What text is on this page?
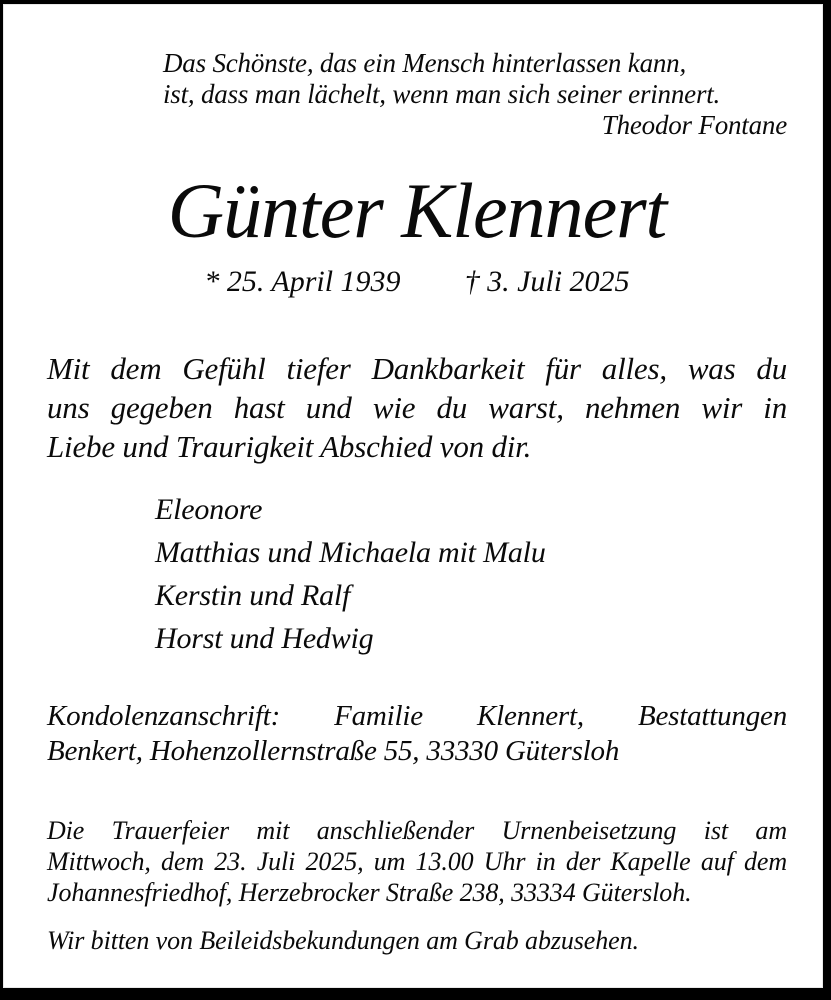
Das Schönste, das ein Mensch hinterlassen kann,
ist, dass man lächelt, wenn man sich seiner erinnert.
Theodor Fontane
Günter Klennert
* 25. April 1939 † 3. Juli 2025
Mit dem Gefühl tiefer Dankbarkeit für alles, was du
uns gegeben hast und wie du warst, nehmen wir in
Liebe und Traurigkeit Abschied von dir.
Eleonore
Matthias und Michaela mit Malu
Kerstin und Ralf
Horst und Hedwig
Kondolenzanschrift: Familie Klennert, Bestattungen
Benkert, Hohenzollernstraße 55, 33330 Gütersloh
Die Trauerfeier mit anschließender Urnenbeisetzung ist am
Mittwoch, dem 23. Juli 2025, um 13.00 Uhr in der Kapelle auf dem
Johannesfriedhof, Herzebrocker Straße 238, 33334 Gütersloh.
Wir bitten von Beileidsbekundungen am Grab abzusehen.
